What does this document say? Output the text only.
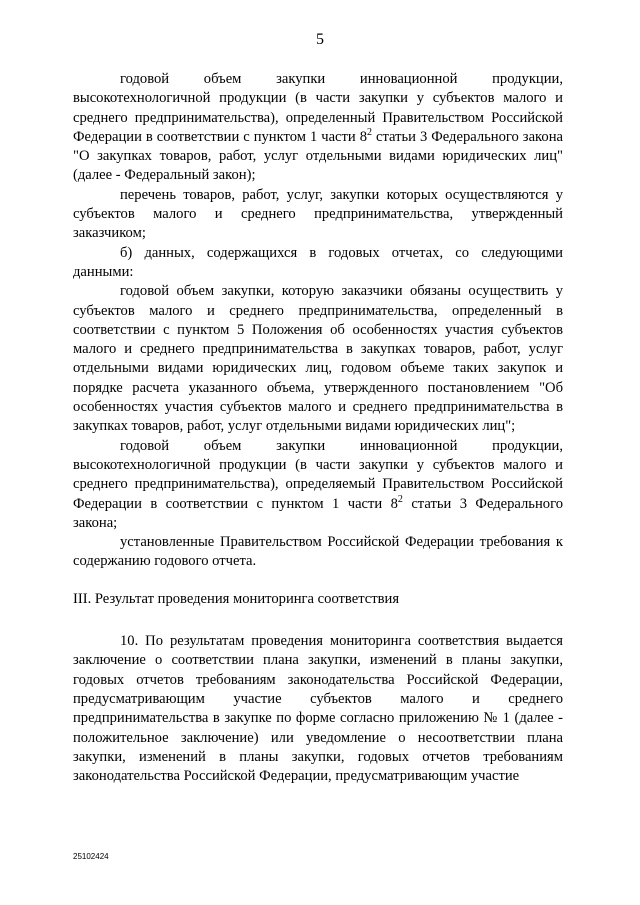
5

годовой объем закупки инновационной продукции, высокотехнологичной продукции (в части закупки у субъектов малого и среднего предпринимательства), определенный Правительством Российской Федерации в соответствии с пунктом 1 части $8^2$ статьи 3 Федерального закона "О закупках товаров, работ, услуг отдельными видами юридических лиц" (далее - Федеральный закон);

перечень товаров, работ, услуг, закупки которых осуществляются у субъектов малого и среднего предпринимательства, утвержденный заказчиком;

б) данных, содержащихся в годовых отчетах, со следующими данными:

годовой объем закупки, которую заказчики обязаны осуществить у субъектов малого и среднего предпринимательства, определенный в соответствии с пунктом 5 Положения об особенностях участия субъектов малого и среднего предпринимательства в закупках товаров, работ, услуг отдельными видами юридических лиц, годовом объеме таких закупок и порядке расчета указанного объема, утвержденного постановлением "Об особенностях участия субъектов малого и среднего предпринимательства в закупках товаров, работ, услуг отдельными видами юридических лиц";

годовой объем закупки инновационной продукции, высокотехнологичной продукции (в части закупки у субъектов малого и среднего предпринимательства), определяемый Правительством Российской Федерации в соответствии с пунктом 1 части $8^2$ статьи 3 Федерального закона;

установленные Правительством Российской Федерации требования к содержанию годового отчета.

III. Результат проведения мониторинга соответствия

10. По результатам проведения мониторинга соответствия выдается заключение о соответствии плана закупки, изменений в планы закупки, годовых отчетов требованиям законодательства Российской Федерации, предусматривающим участие субъектов малого и среднего предпринимательства в закупке по форме согласно приложению № 1 (далее - положительное заключение) или уведомление о несоответствии плана закупки, изменений в планы закупки, годовых отчетов требованиям законодательства Российской Федерации, предусматривающим участие

25102424
